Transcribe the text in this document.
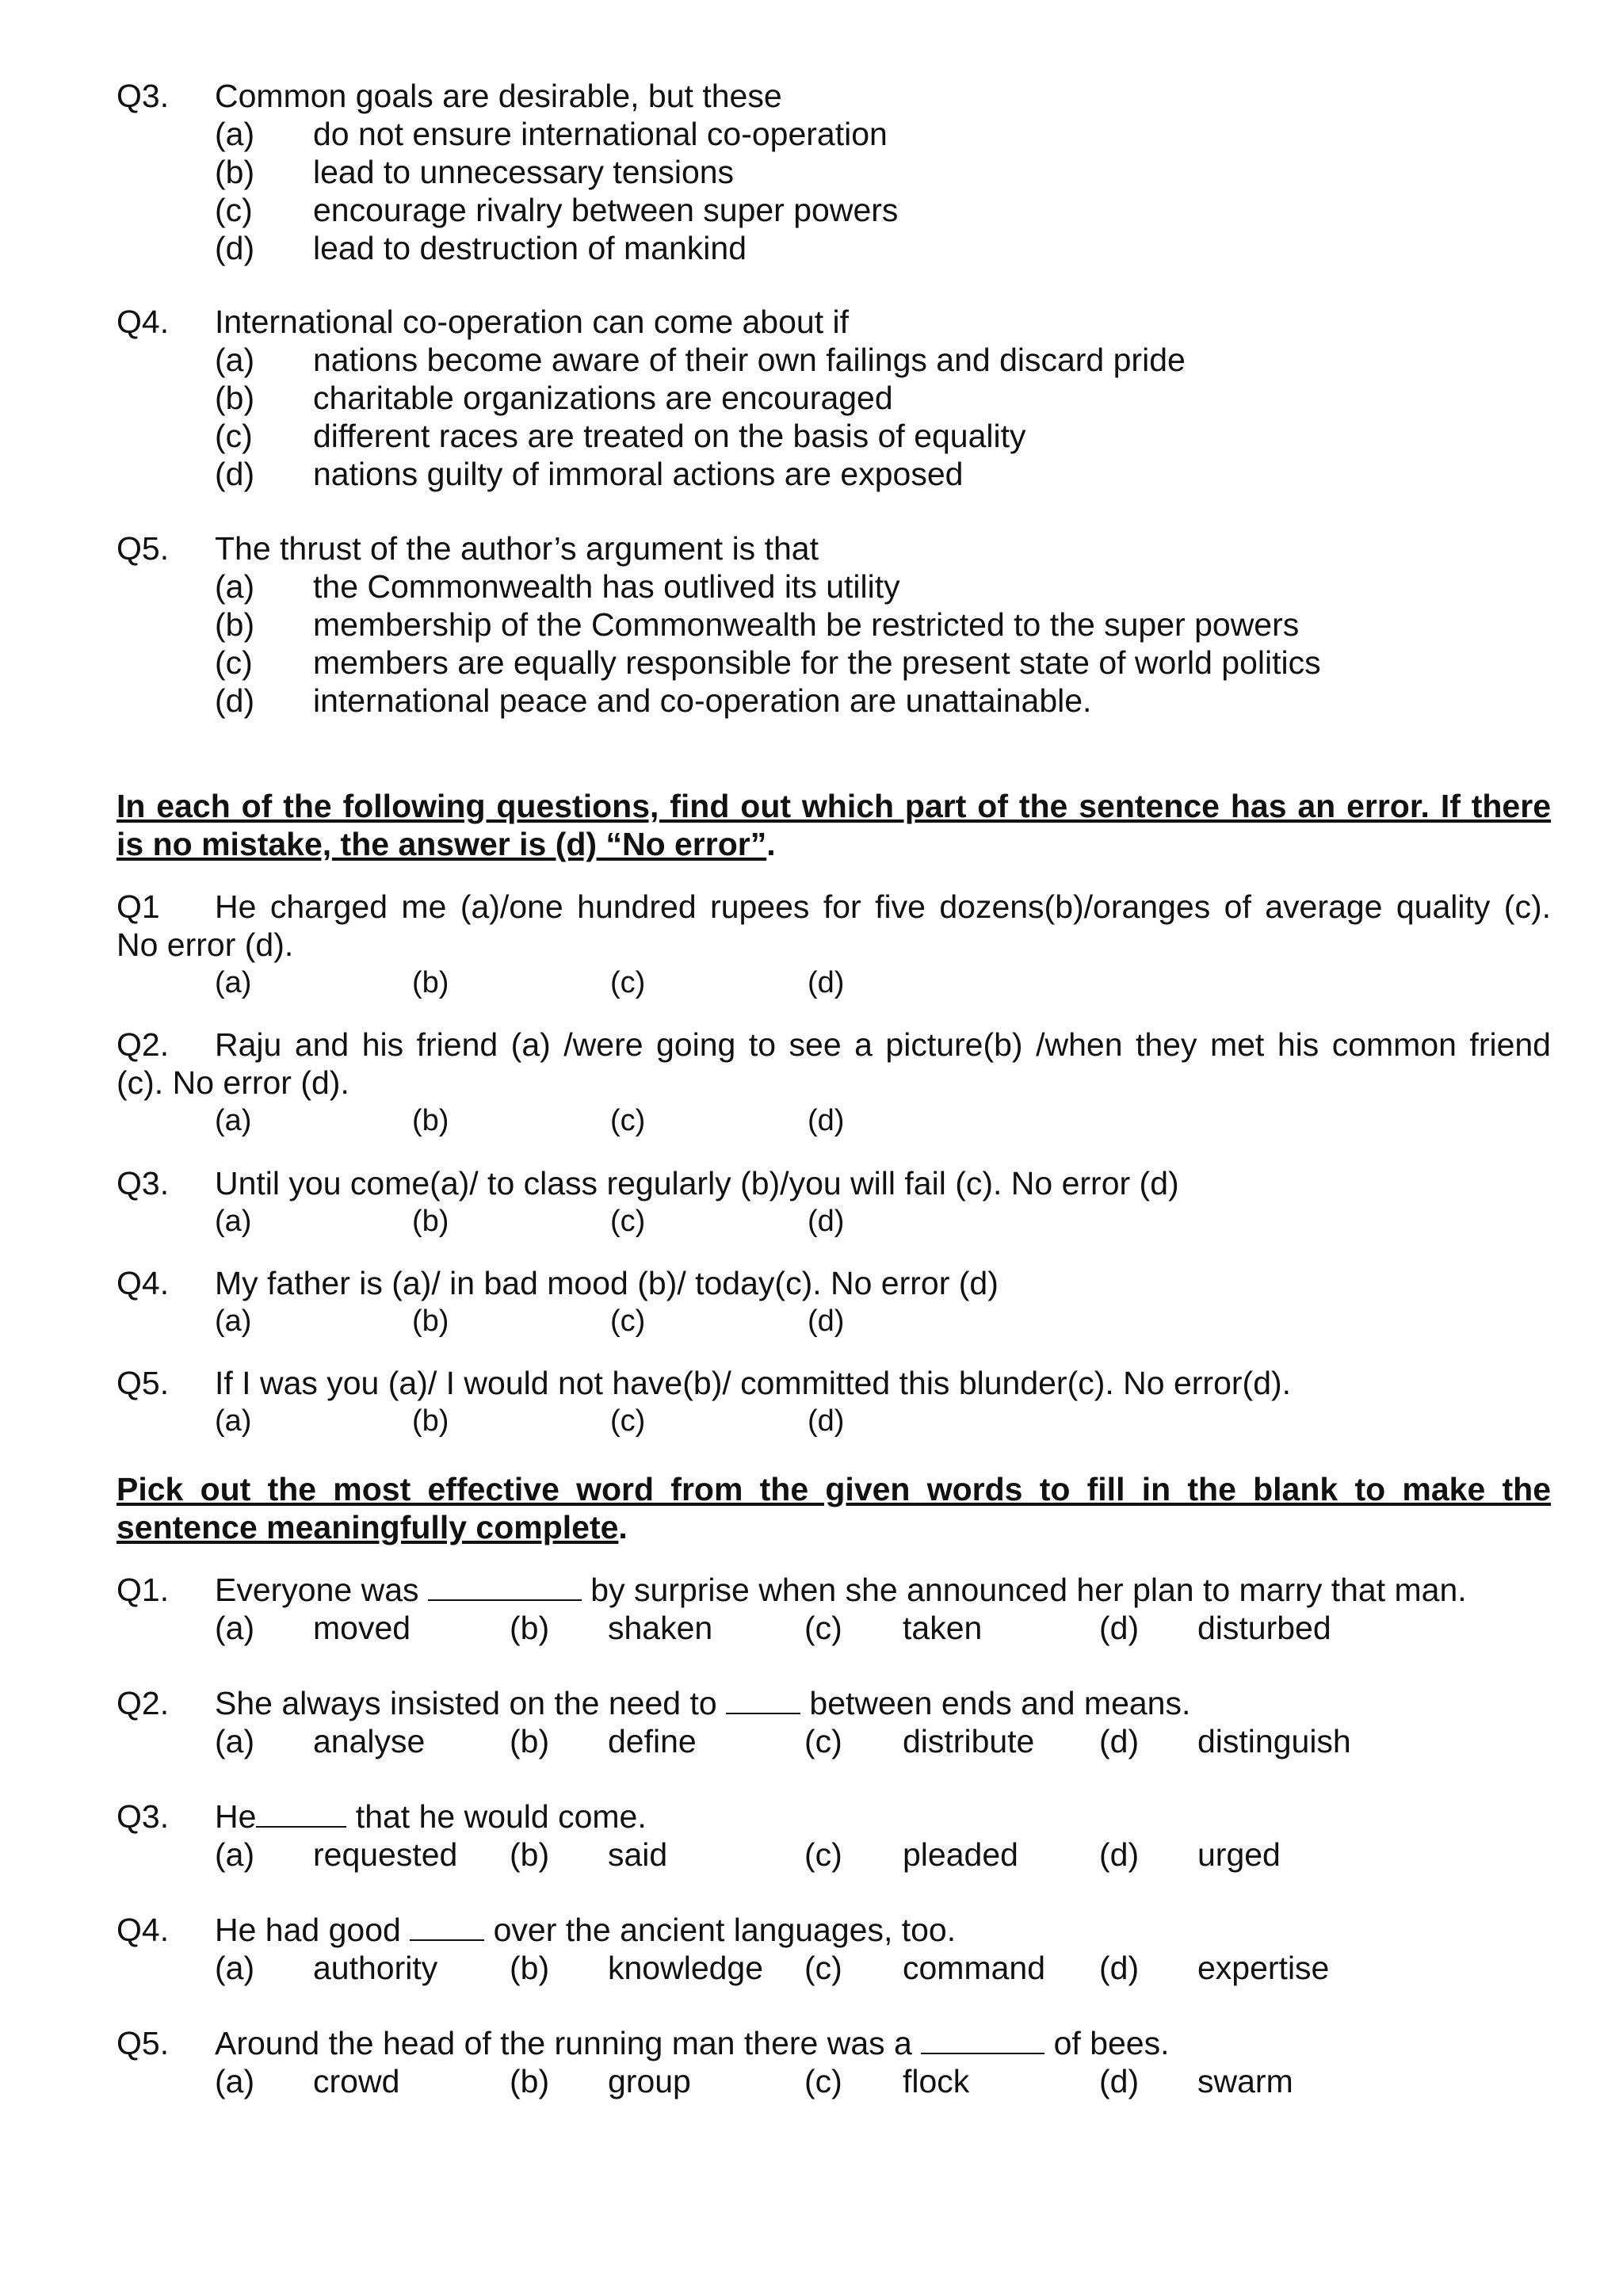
Q3. Common goals are desirable, but these
(a) do not ensure international co-operation
(b) lead to unnecessary tensions
(c) encourage rivalry between super powers
(d) lead to destruction of mankind
Q4. International co-operation can come about if
(a) nations become aware of their own failings and discard pride
(b) charitable organizations are encouraged
(c) different races are treated on the basis of equality
(d) nations guilty of immoral actions are exposed
Q5. The thrust of the author’s argument is that
(a) the Commonwealth has outlived its utility
(b) membership of the Commonwealth be restricted to the super powers
(c) members are equally responsible for the present state of world politics
(d) international peace and co-operation are unattainable.
In each of the following questions, find out which part of the sentence has an error. If there
is no mistake, the answer is (d) “No error”.
Q1 He charged me (a)/one hundred rupees for five dozens(b)/oranges of average quality (c).
No error (d).
(a)	(b)	(c)	(d)
Q2. Raju and his friend (a) /were going to see a picture(b) /when they met his common friend
(c). No error (d).
(a)	(b)	(c)	(d)
Q3. Until you come(a)/ to class regularly (b)/you will fail (c). No error (d)
(a)	(b)	(c)	(d)
Q4. My father is (a)/ in bad mood (b)/ today(c). No error (d)
(a)	(b)	(c)	(d)
Q5. If I was you (a)/ I would not have(b)/ committed this blunder(c). No error(d).
(a)	(b)	(c)	(d)
Pick out the most effective word from the given words to fill in the blank to make the
sentence meaningfully complete.
Q1. Everyone was	by surprise when she announced her plan to marry that man.
(a) moved	(b) shaken	(c) taken	(d) disturbed
Q2. She always insisted on the need to  between ends and means.
(a) analyse	(b) define	(c) distribute (d) distinguish
Q3. He	that he would come.
(a) requested (b) said	(c) pleaded (d) urged
Q4. He had good  over the ancient languages, too.
(a) authority (b) knowledge (c) command (d) expertise
Q5. Around the head of the running man there was a	of bees.
(a) crowd	(b) group	(c) flock	(d) swarm
